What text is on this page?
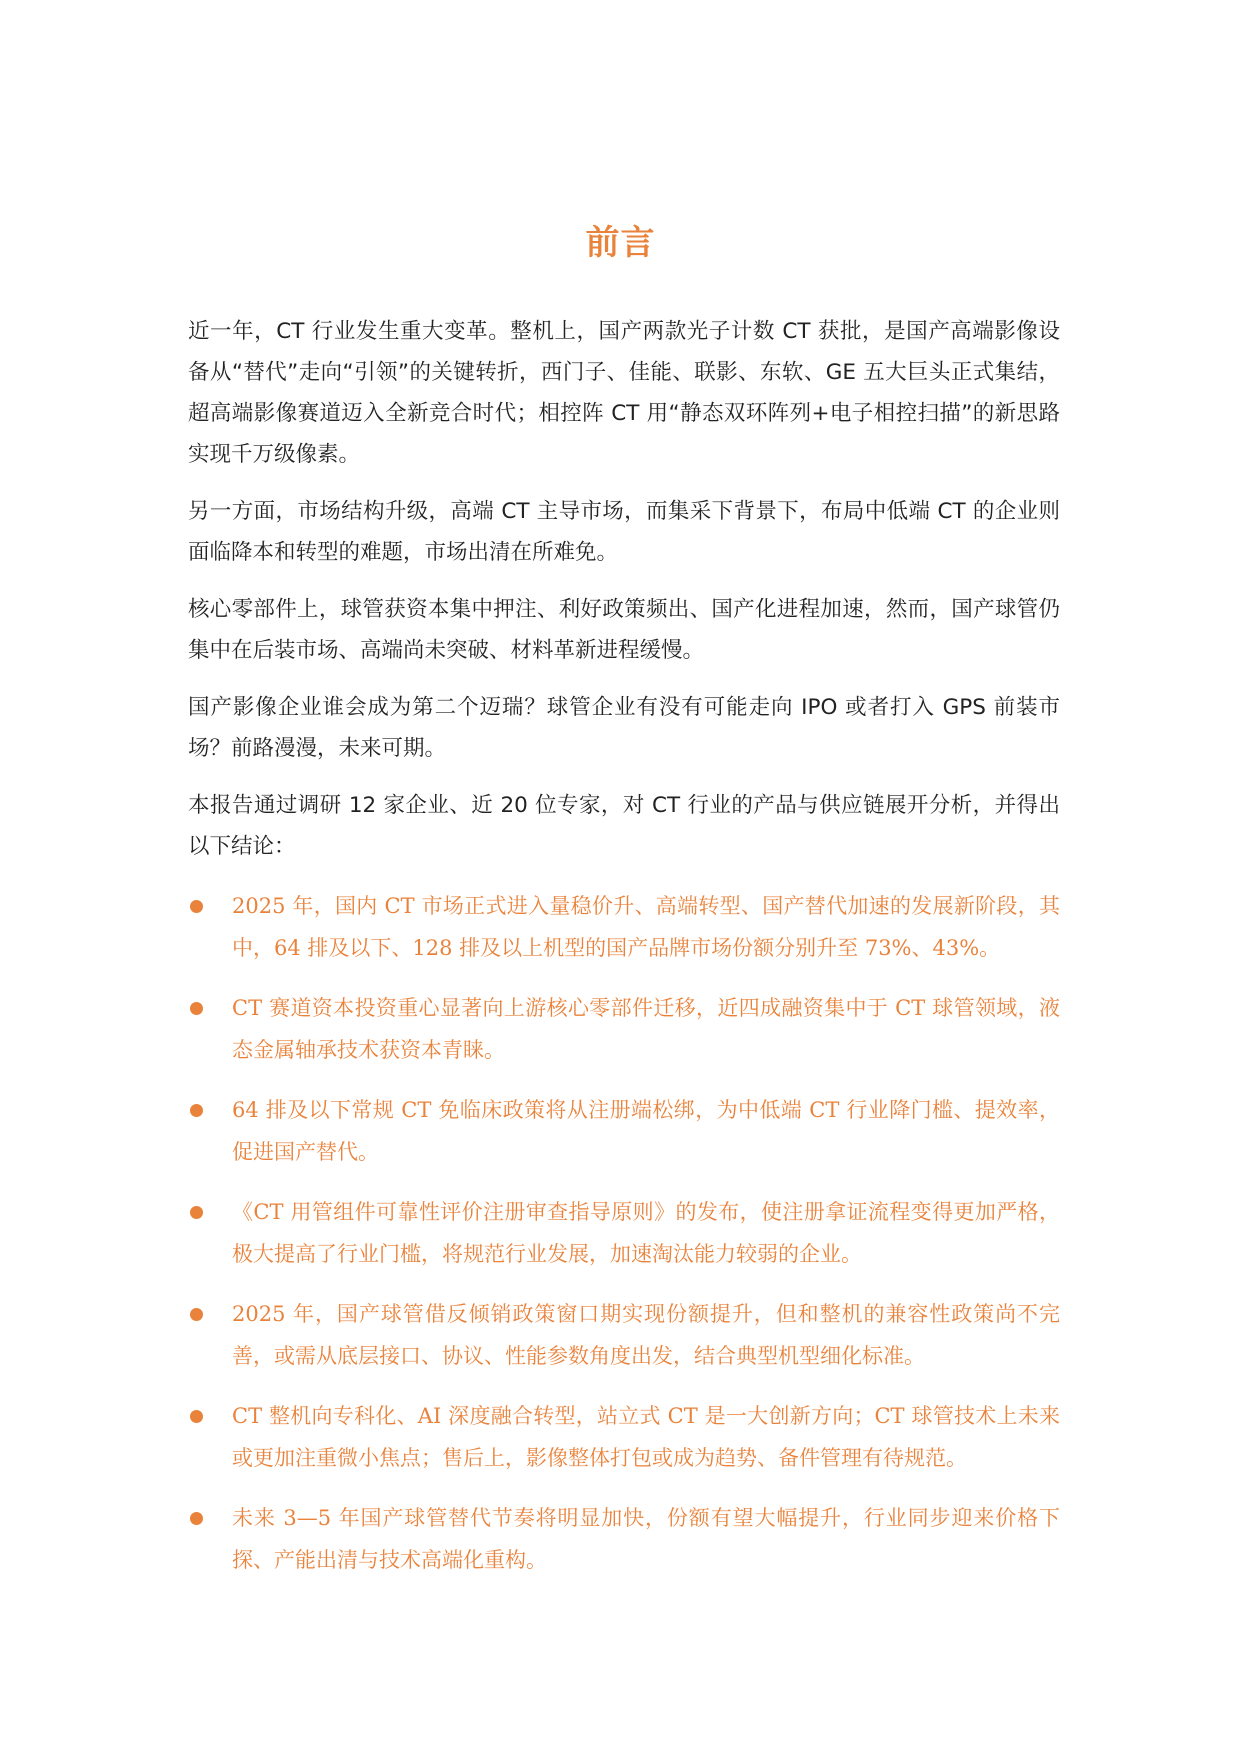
前言

近一年，CT 行业发生重大变革。整机上，国产两款光子计数 CT 获批，是国产高端影像设备从“替代”走向“引领”的关键转折，西门子、佳能、联影、东软、GE 五大巨头正式集结，超高端影像赛道迈入全新竞合时代；相控阵 CT 用“静态双环阵列+电子相控扫描”的新思路实现千万级像素。

另一方面，市场结构升级，高端 CT 主导市场，而集采下背景下，布局中低端 CT 的企业则面临降本和转型的难题，市场出清在所难免。

核心零部件上，球管获资本集中押注、利好政策频出、国产化进程加速，然而，国产球管仍集中在后装市场、高端尚未突破、材料革新进程缓慢。

国产影像企业谁会成为第二个迈瑞？球管企业有没有可能走向 IPO 或者打入 GPS 前装市场？前路漫漫，未来可期。

本报告通过调研 12 家企业、近 20 位专家，对 CT 行业的产品与供应链展开分析，并得出以下结论：

2025 年，国内 CT 市场正式进入量稳价升、高端转型、国产替代加速的发展新阶段，其中，64 排及以下、128 排及以上机型的国产品牌市场份额分别升至 73%、43%。
CT 赛道资本投资重心显著向上游核心零部件迁移，近四成融资集中于 CT 球管领域，液态金属轴承技术获资本青睐。
64 排及以下常规 CT 免临床政策将从注册端松绑，为中低端 CT 行业降门槛、提效率，促进国产替代。
《CT 用管组件可靠性评价注册审查指导原则》的发布，使注册拿证流程变得更加严格，极大提高了行业门槛，将规范行业发展，加速淘汰能力较弱的企业。
2025 年，国产球管借反倾销政策窗口期实现份额提升，但和整机的兼容性政策尚不完善，或需从底层接口、协议、性能参数角度出发，结合典型机型细化标准。
CT 整机向专科化、AI 深度融合转型，站立式 CT 是一大创新方向；CT 球管技术上未来或更加注重微小焦点；售后上，影像整体打包或成为趋势、备件管理有待规范。
未来 3—5 年国产球管替代节奏将明显加快，份额有望大幅提升，行业同步迎来价格下探、产能出清与技术高端化重构。
